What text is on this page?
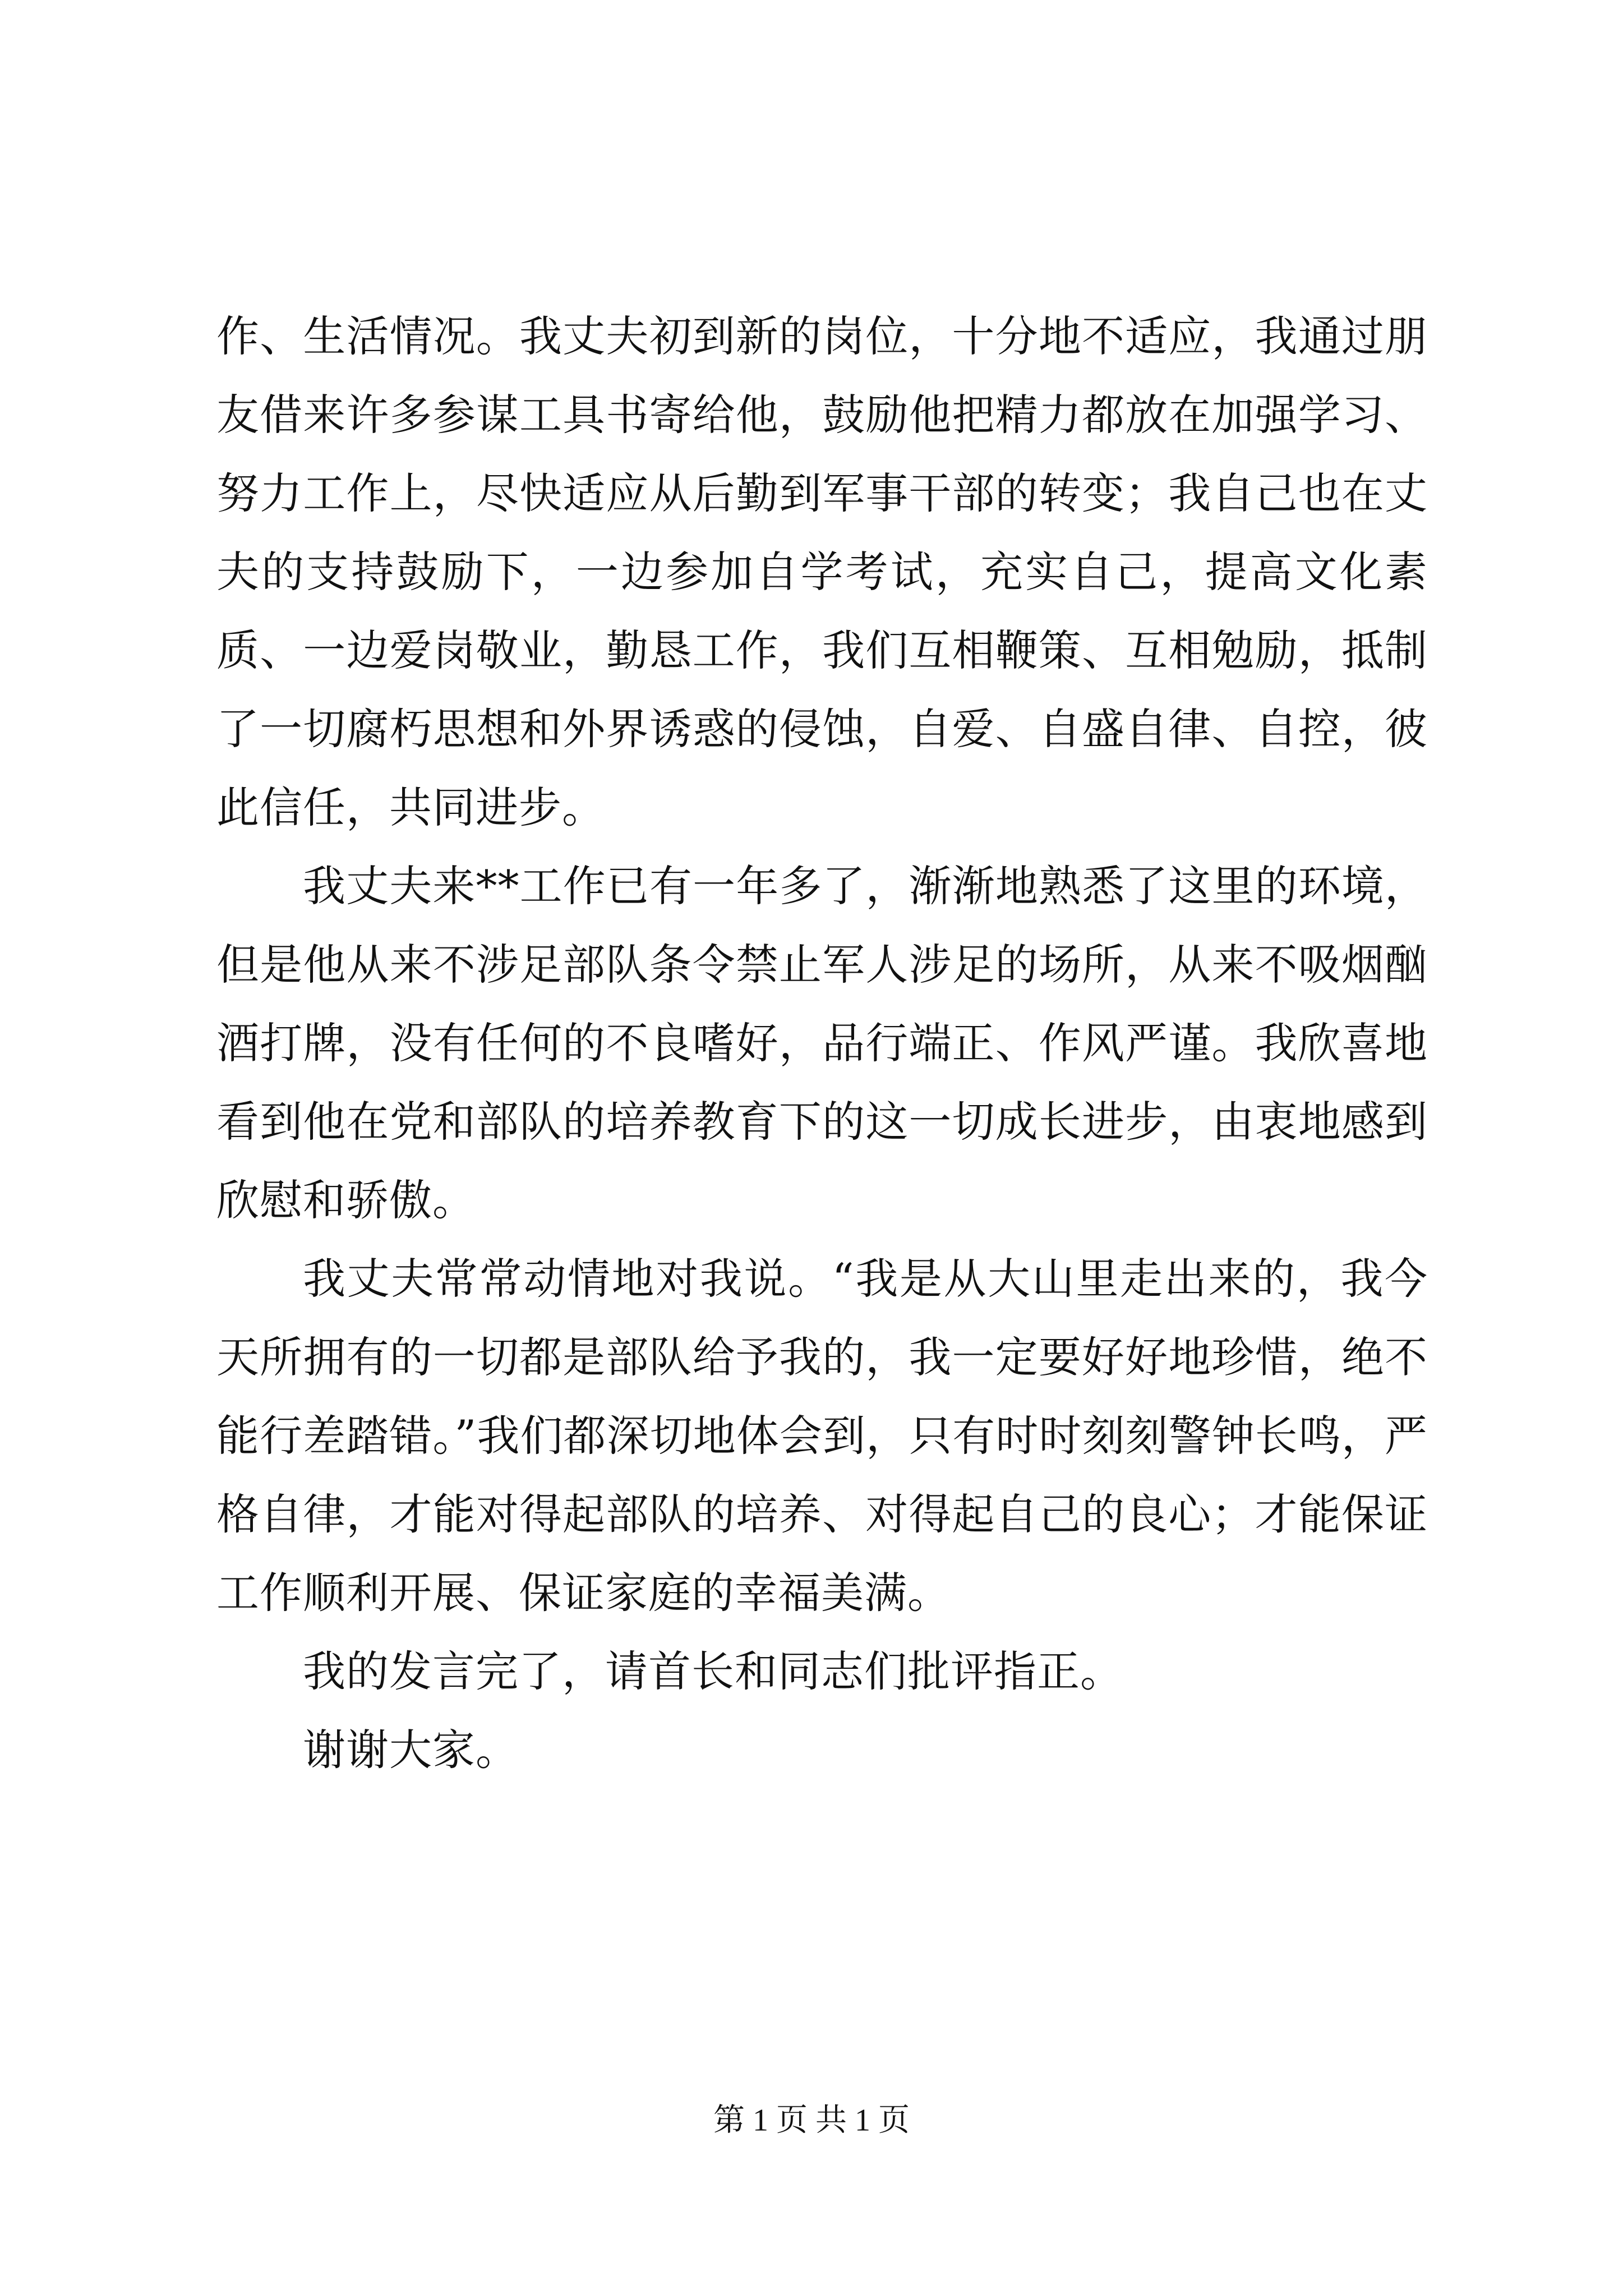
作、生活情况。我丈夫初到新的岗位，十分地不适应，我通过朋友借来许多参谋工具书寄给他，鼓励他把精力都放在加强学习、努力工作上，尽快适应从后勤到军事干部的转变；我自己也在丈夫的支持鼓励下，一边参加自学考试，充实自己，提高文化素质、一边爱岗敬业，勤恳工作，我们互相鞭策、互相勉励，抵制了一切腐朽思想和外界诱惑的侵蚀，自爱、自盛自律、自控，彼此信任，共同进步。

我丈夫来**工作已有一年多了，渐渐地熟悉了这里的环境，但是他从来不涉足部队条令禁止军人涉足的场所，从来不吸烟酗酒打牌，没有任何的不良嗜好，品行端正、作风严谨。我欣喜地看到他在党和部队的培养教育下的这一切成长进步，由衷地感到欣慰和骄傲。

我丈夫常常动情地对我说。“我是从大山里走出来的，我今天所拥有的一切都是部队给予我的，我一定要好好地珍惜，绝不能行差踏错。”我们都深切地体会到，只有时时刻刻警钟长鸣，严格自律，才能对得起部队的培养、对得起自己的良心；才能保证工作顺利开展、保证家庭的幸福美满。

我的发言完了，请首长和同志们批评指正。

谢谢大家。

第 1 页 共 1 页
